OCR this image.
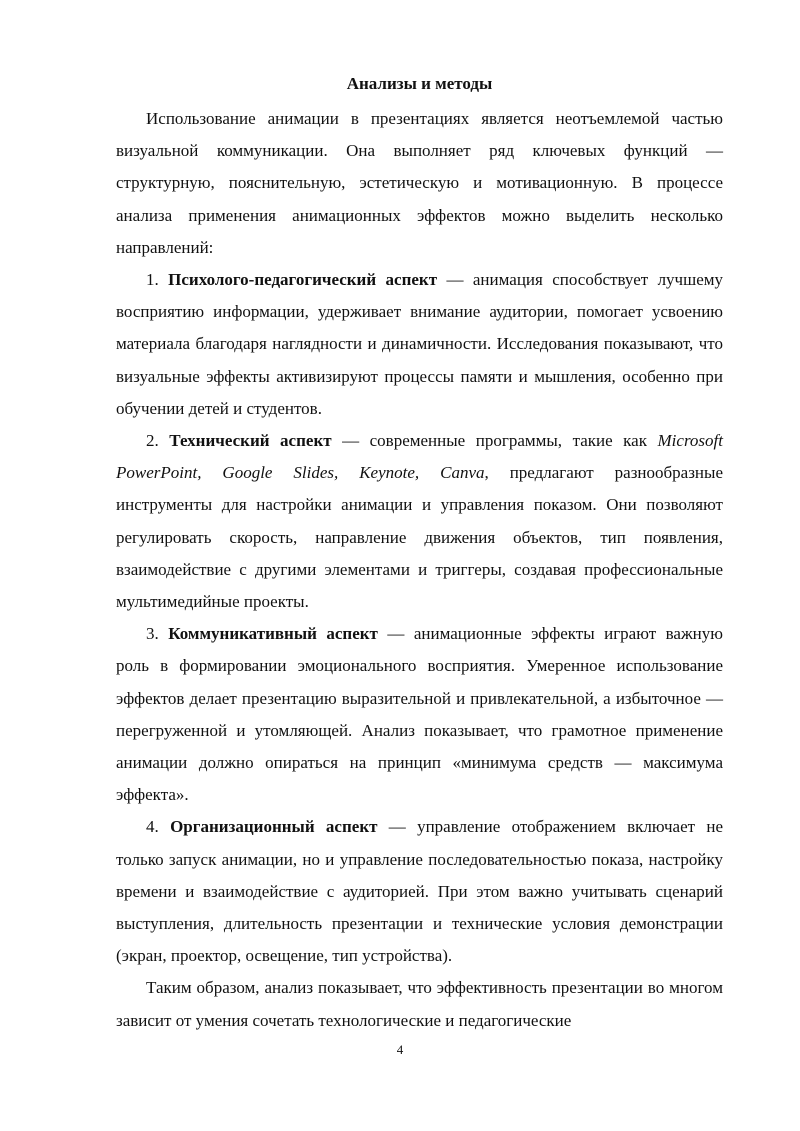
Анализы и методы

Использование анимации в презентациях является неотъемлемой частью визуальной коммуникации. Она выполняет ряд ключевых функций — структурную, пояснительную, эстетическую и мотивационную. В процессе анализа применения анимационных эффектов можно выделить несколько направлений:

1. Психолого-педагогический аспект — анимация способствует лучшему восприятию информации, удерживает внимание аудитории, помогает усвоению материала благодаря наглядности и динамичности. Исследования показывают, что визуальные эффекты активизируют процессы памяти и мышления, особенно при обучении детей и студентов.

2. Технический аспект — современные программы, такие как Microsoft PowerPoint, Google Slides, Keynote, Canva, предлагают разнообразные инструменты для настройки анимации и управления показом. Они позволяют регулировать скорость, направление движения объектов, тип появления, взаимодействие с другими элементами и триггеры, создавая профессиональные мультимедийные проекты.

3. Коммуникативный аспект — анимационные эффекты играют важную роль в формировании эмоционального восприятия. Умеренное использование эффектов делает презентацию выразительной и привлекательной, а избыточное — перегруженной и утомляющей. Анализ показывает, что грамотное применение анимации должно опираться на принцип «минимума средств — максимума эффекта».

4. Организационный аспект — управление отображением включает не только запуск анимации, но и управление последовательностью показа, настройку времени и взаимодействие с аудиторией. При этом важно учитывать сценарий выступления, длительность презентации и технические условия демонстрации (экран, проектор, освещение, тип устройства).

Таким образом, анализ показывает, что эффективность презентации во многом зависит от умения сочетать технологические и педагогические

4
